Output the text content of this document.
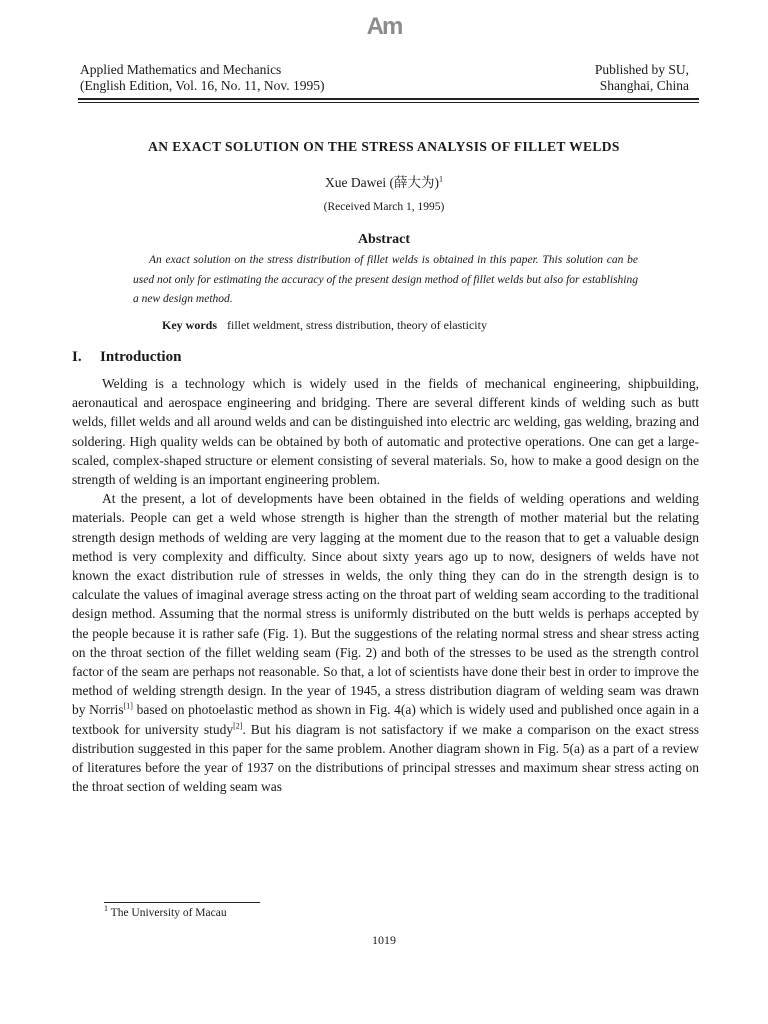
Am
Applied Mathematics and Mechanics
(English Edition, Vol. 16, No. 11, Nov. 1995)
Published by SU,
Shanghai, China
AN EXACT SOLUTION ON THE STRESS ANALYSIS OF FILLET WELDS
Xue Dawei (薛大为)$^1$
(Received March 1, 1995)
Abstract
An exact solution on the stress distribution of fillet welds is obtained in this paper. This solution can be used not only for estimating the accuracy of the present design method of fillet welds but also for establishing a new design method.
Key words fillet weldment, stress distribution, theory of elasticity
I. Introduction

Welding is a technology which is widely used in the fields of mechanical engineering, shipbuilding, aeronautical and aerospace engineering and bridging. There are several different kinds of welding such as butt welds, fillet welds and all around welds and can be distinguished into electric arc welding, gas welding, brazing and soldering. High quality welds can be obtained by both of automatic and protective operations. One can get a large-scaled, complex-shaped structure or element consisting of several materials. So, how to make a good design on the strength of welding is an important engineering problem.

At the present, a lot of developments have been obtained in the fields of welding operations and welding materials. People can get a weld whose strength is higher than the strength of mother material but the relating strength design methods of welding are very lagging at the moment due to the reason that to get a valuable design method is very complexity and difficulty. Since about sixty years ago up to now, designers of welds have not known the exact distribution rule of stresses in welds, the only thing they can do in the strength design is to calculate the values of imaginal average stress acting on the throat part of welding seam according to the traditional design method. Assuming that the normal stress is uniformly distributed on the butt welds is perhaps accepted by the people because it is rather safe (Fig. 1). But the suggestions of the relating normal stress and shear stress acting on the throat section of the fillet welding seam (Fig. 2) and both of the stresses to be used as the strength control factor of the seam are perhaps not reasonable. So that, a lot of scientists have done their best in order to improve the method of welding strength design. In the year of 1945, a stress distribution diagram of welding seam was drawn by Norris[1] based on photoelastic method as shown in Fig. 4(a) which is widely used and published once again in a textbook for university study[2]. But his diagram is not satisfactory if we make a comparison on the exact stress distribution suggested in this paper for the same problem. Another diagram shown in Fig. 5(a) as a part of a review of literatures before the year of 1937 on the distributions of principal stresses and maximum shear stress acting on the throat section of welding seam was

$^1$ The University of Macau
1019
